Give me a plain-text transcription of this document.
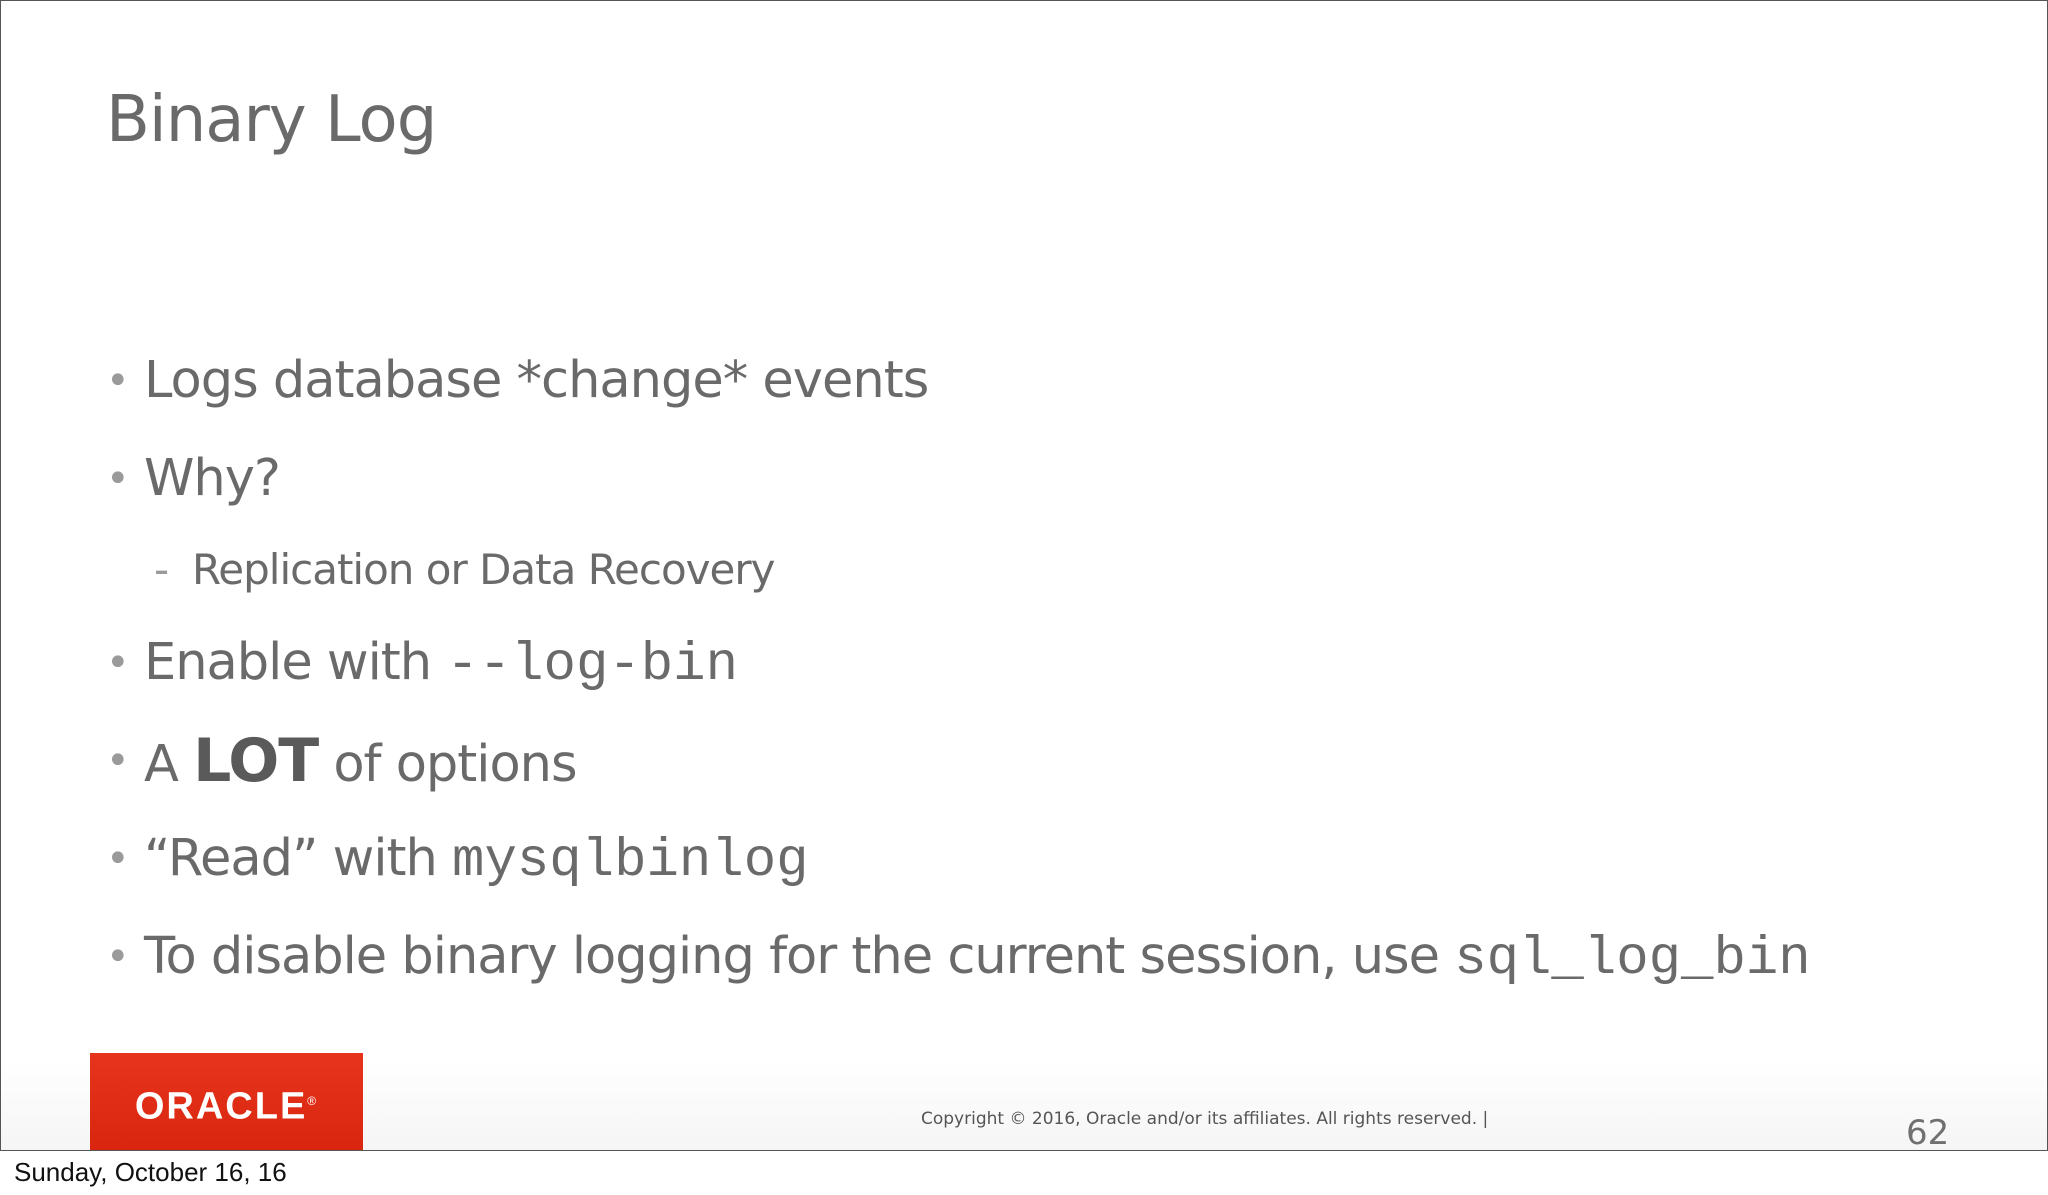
Binary Log
• Logs database *change* events
• Why?
- Replication or Data Recovery
• Enable with --log-bin
• A LOT of options
• “Read” with mysqlbinlog
• To disable binary logging for the current session, use sql_log_bin
ORACLE®
Copyright © 2016, Oracle and/or its affiliates. All rights reserved. |	62
Sunday, October 16, 16
